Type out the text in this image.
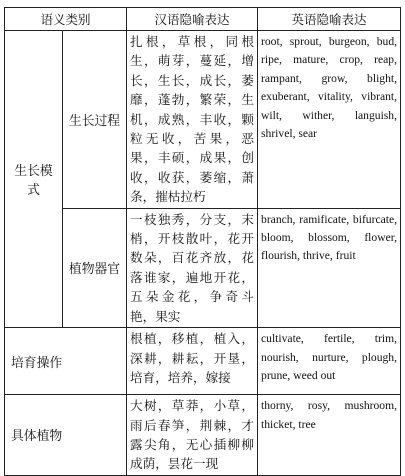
语义类别		汉语隐喻表达	英语隐喻表达
生长模式	生长过程	扎根，草根，同根生，萌芽，蔓延，增长，生长，成长，萎靡，蓬勃，繁荣，生机，成熟，丰收，颗粒无收，苦果，恶果，丰硕，成果，创收，收获，萎缩，萧条，摧枯拉朽	root, sprout, burgeon, bud, ripe, mature, crop, reap, rampant, grow, blight, exuberant, vitality, vibrant, wilt, wither, languish, shrivel, sear
	植物器官	一枝独秀，分支，末梢，开枝散叶，花开数朵，百花齐放，花落谁家，遍地开花，五朵金花，争奇斗艳，果实	branch, ramificate, bifurcate, bloom, blossom, flower, flourish, thrive, fruit
培育操作		根植，移植，植入，深耕，耕耘，开垦，培育，培养，嫁接	cultivate, fertile, trim, nourish, nurture, plough, prune, weed out
具体植物		大树，草莽，小草，雨后春笋，荆棘，才露尖角，无心插柳柳成荫，昙花一现	thorny, rosy, mushroom, thicket, tree
